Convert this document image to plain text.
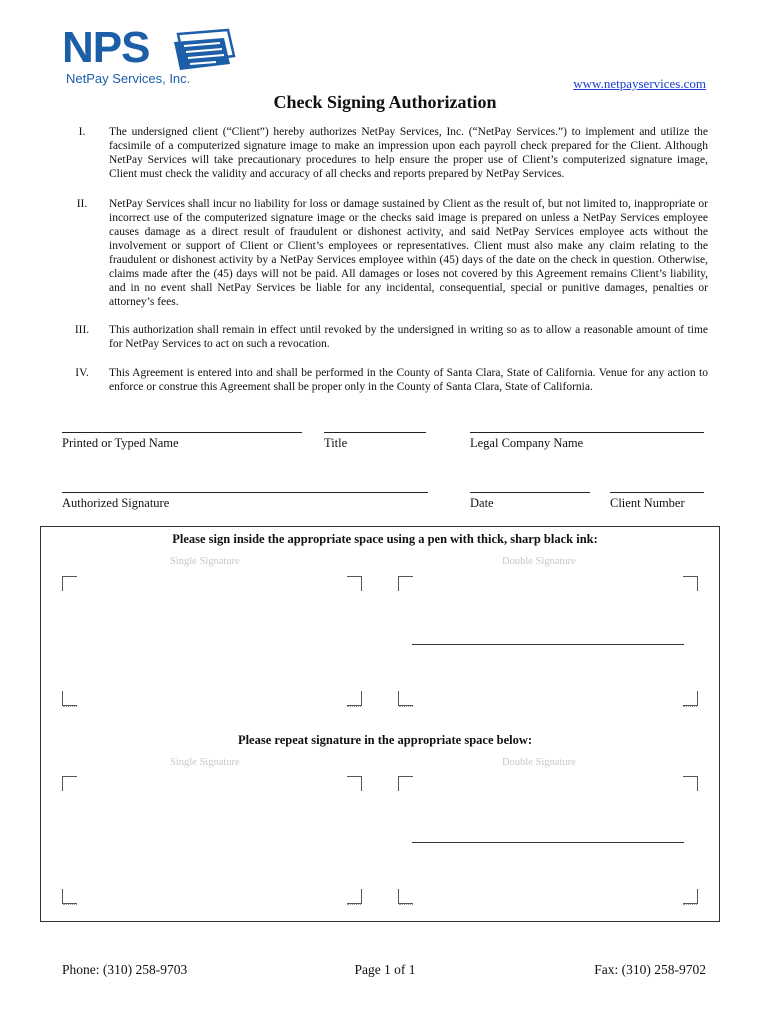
NPS
NetPay Services, Inc.	www.netpayservices.com
Check Signing Authorization
I.	The undersigned client (“Client”) hereby authorizes NetPay Services, Inc. (“NetPay Services.”) to implement and utilize the facsimile of a computerized signature image to make an impression upon each payroll check prepared for the Client. Although NetPay Services will take precautionary procedures to help ensure the proper use of Client’s computerized signature image, Client must check the validity and accuracy of all checks and reports prepared by NetPay Services.
II.	NetPay Services shall incur no liability for loss or damage sustained by Client as the result of, but not limited to, inappropriate or incorrect use of the computerized signature image or the checks said image is prepared on unless a NetPay Services employee causes damage as a direct result of fraudulent or dishonest activity, and said NetPay Services employee acts without the involvement or support of Client or Client’s employees or representatives. Client must also make any claim relating to the fraudulent or dishonest activity by a NetPay Services employee within (45) days of the date on the check in question. Otherwise, claims made after the (45) days will not be paid. All damages or loses not covered by this Agreement remains Client’s liability, and in no event shall NetPay Services be liable for any incidental, consequential, special or punitive damages, penalties or attorney’s fees.
III.	This authorization shall remain in effect until revoked by the undersigned in writing so as to allow a reasonable amount of time for NetPay Services to act on such a revocation.
IV.	This Agreement is entered into and shall be performed in the County of Santa Clara, State of California. Venue for any action to enforce or construe this Agreement shall be proper only in the County of Santa Clara, State of California.
Printed or Typed Name	Title	Legal Company Name
Authorized Signature	Date	Client Number
Please sign inside the appropriate space using a pen with thick, sharp black ink:
Single Signature	Double Signature
Please repeat signature in the appropriate space below:
Single Signature	Double Signature
Phone: (310) 258-9703	Page 1 of 1	Fax: (310) 258-9702
